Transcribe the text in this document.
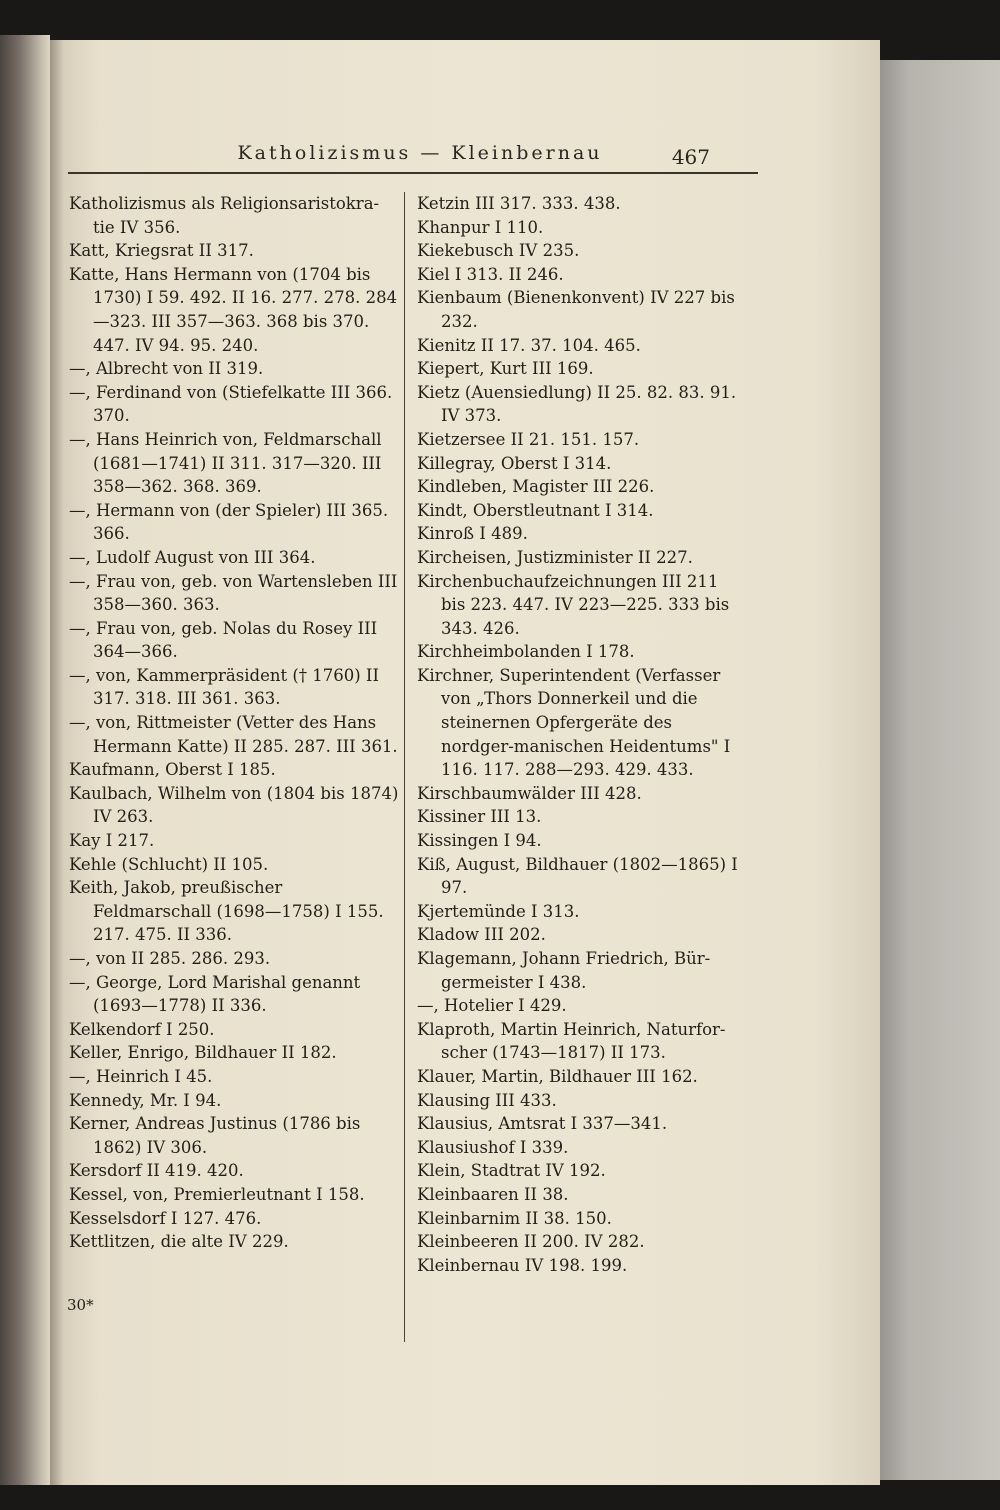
Katholizismus — Kleinbernau	467

Katholizismus als Religionsaristokra-tie IV 356.

Katt, Kriegsrat II 317.

Katte, Hans Hermann von (1704 bis 1730) I 59. 492. II 16. 277. 278. 284—323. III 357—363. 368 bis 370. 447. IV 94. 95. 240.

—, Albrecht von II 319.

—, Ferdinand von (Stiefelkatte III 366. 370.

—, Hans Heinrich von, Feldmarschall (1681—1741) II 311. 317—320. III 358—362. 368. 369.

—, Hermann von (der Spieler) III 365. 366.

—, Ludolf August von III 364.

—, Frau von, geb. von Wartensleben III 358—360. 363.

—, Frau von, geb. Nolas du Rosey III 364—366.

—, von, Kammerpräsident († 1760) II 317. 318. III 361. 363.

—, von, Rittmeister (Vetter des Hans Hermann Katte) II 285. 287. III 361.

Kaufmann, Oberst I 185.

Kaulbach, Wilhelm von (1804 bis 1874) IV 263.

Kay I 217.

Kehle (Schlucht) II 105.

Keith, Jakob, preußischer Feldmarschall (1698—1758) I 155. 217. 475. II 336.

—, von II 285. 286. 293.

—, George, Lord Marishal genannt (1693—1778) II 336.

Kelkendorf I 250.

Keller, Enrigo, Bildhauer II 182.

—, Heinrich I 45.

Kennedy, Mr. I 94.

Kerner, Andreas Justinus (1786 bis 1862) IV 306.

Kersdorf II 419. 420.

Kessel, von, Premierleutnant I 158.

Kesselsdorf I 127. 476.

Kettlitzen, die alte IV 229.

Ketzin III 317. 333. 438.

Khanpur I 110.

Kiekebusch IV 235.

Kiel I 313. II 246.

Kienbaum (Bienenkonvent) IV 227 bis 232.

Kienitz II 17. 37. 104. 465.

Kiepert, Kurt III 169.

Kietz (Auensiedlung) II 25. 82. 83. 91. IV 373.

Kietzersee II 21. 151. 157.

Killegray, Oberst I 314.

Kindleben, Magister III 226.

Kindt, Oberstleutnant I 314.

Kinroß I 489.

Kircheisen, Justizminister II 227.

Kirchenbuchaufzeichnungen III 211 bis 223. 447. IV 223—225. 333 bis 343. 426.

Kirchheimbolanden I 178.

Kirchner, Superintendent (Verfasser von „Thors Donnerkeil und die steinernen Opfergeräte des nordger-manischen Heidentums" I 116. 117. 288—293. 429. 433.

Kirschbaumwälder III 428.

Kissiner III 13.

Kissingen I 94.

Kiß, August, Bildhauer (1802—1865) I 97.

Kjertemünde I 313.

Kladow III 202.

Klagemann, Johann Friedrich, Bür-germeister I 438.

—, Hotelier I 429.

Klaproth, Martin Heinrich, Naturfor-scher (1743—1817) II 173.

Klauer, Martin, Bildhauer III 162.

Klausing III 433.

Klausius, Amtsrat I 337—341.

Klausiushof I 339.

Klein, Stadtrat IV 192.

Kleinbaaren II 38.

Kleinbarnim II 38. 150.

Kleinbeeren II 200. IV 282.

Kleinbernau IV 198. 199.

30*
